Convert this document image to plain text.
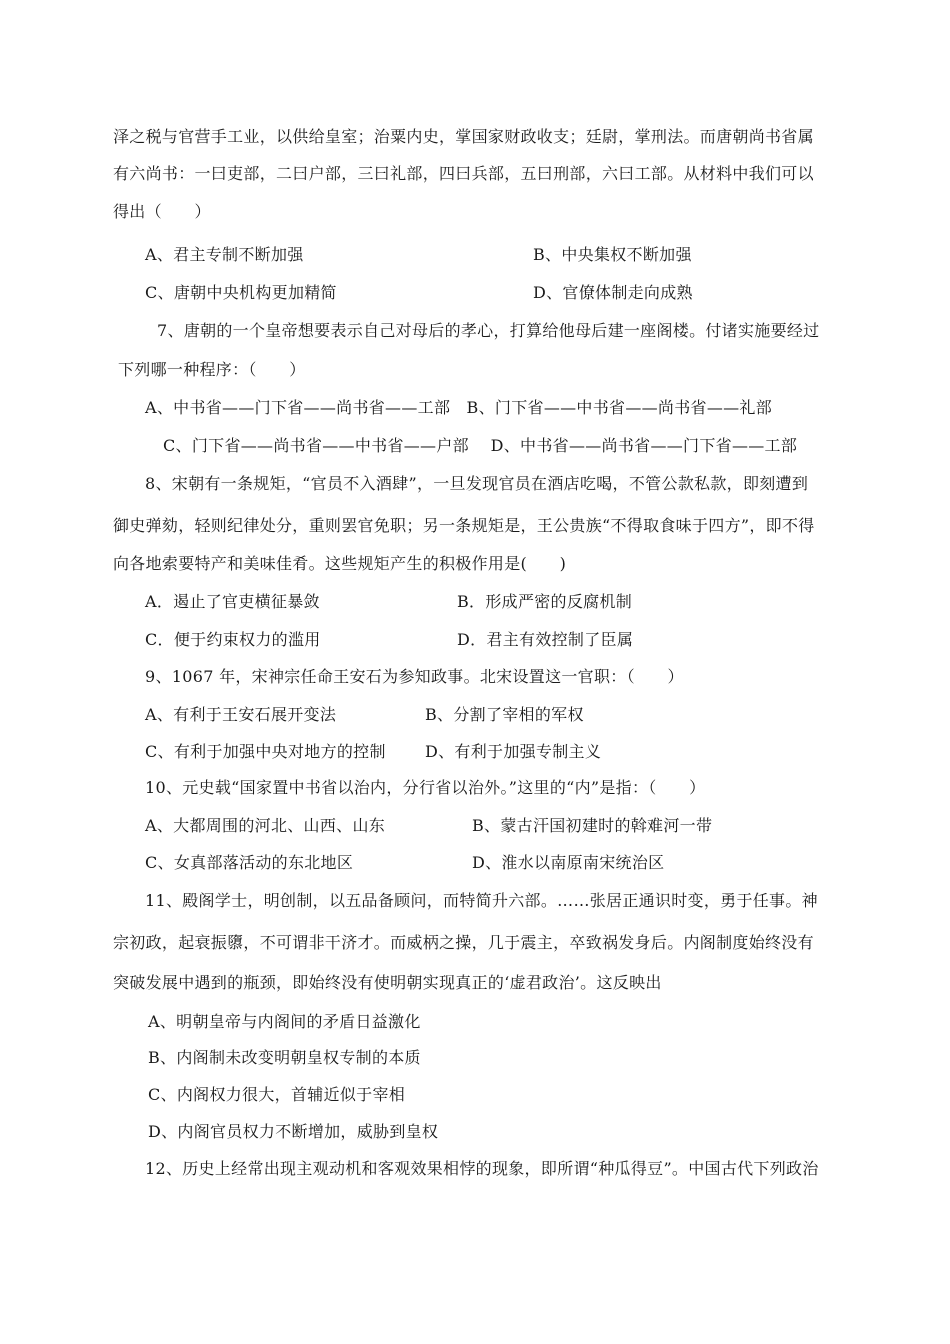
泽之税与官营手工业，以供给皇室；治粟内史，掌国家财政收支；廷尉，掌刑法。而唐朝尚书省属
有六尚书：一曰吏部，二曰户部，三曰礼部，四曰兵部，五曰刑部，六曰工部。从材料中我们可以
得出（　　）
A、君主专制不断加强	B、中央集权不断加强
C、唐朝中央机构更加精简	D、官僚体制走向成熟
7、唐朝的一个皇帝想要表示自己对母后的孝心，打算给他母后建一座阁楼。付诸实施要经过
下列哪一种程序：（　　）
A、中书省——门下省——尚书省——工部　B、门下省——中书省——尚书省——礼部
C、门下省——尚书省——中书省——户部　 D、中书省——尚书省——门下省——工部
8、宋朝有一条规矩，“官员不入酒肆”，一旦发现官员在酒店吃喝，不管公款私款，即刻遭到
御史弹劾，轻则纪律处分，重则罢官免职；另一条规矩是，王公贵族“不得取食味于四方”，即不得
向各地索要特产和美味佳肴。这些规矩产生的积极作用是(　　)
A．遏止了官吏横征暴敛	B．形成严密的反腐机制
C．便于约束权力的滥用	D．君主有效控制了臣属
9、1067 年，宋神宗任命王安石为参知政事。北宋设置这一官职：（　　）
A、有利于王安石展开变法	B、分割了宰相的军权
C、有利于加强中央对地方的控制 D、有利于加强专制主义
10、元史载“国家置中书省以治内，分行省以治外。”这里的“内”是指：（　　）
A、大都周围的河北、山西、山东	B、蒙古汗国初建时的斡难河一带
C、女真部落活动的东北地区	D、淮水以南原南宋统治区
11、殿阁学士，明创制，以五品备顾问，而特简升六部。……张居正通识时变，勇于任事。神
宗初政，起衰振隳，不可谓非干济才。而威柄之操，几于震主，卒致祸发身后。内阁制度始终没有
突破发展中遇到的瓶颈，即始终没有使明朝实现真正的‘虚君政治’。这反映出
A、明朝皇帝与内阁间的矛盾日益激化
B、内阁制未改变明朝皇权专制的本质
C、内阁权力很大，首辅近似于宰相
D、内阁官员权力不断增加，威胁到皇权
12、历史上经常出现主观动机和客观效果相悖的现象，即所谓“种瓜得豆”。中国古代下列政治
